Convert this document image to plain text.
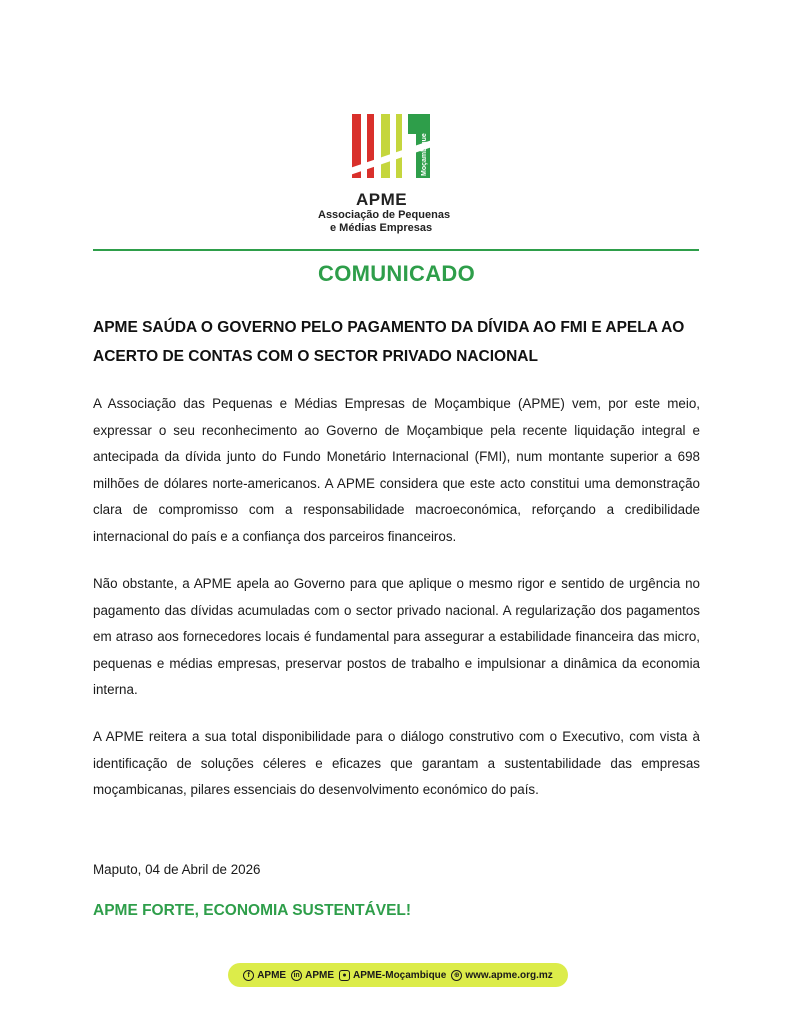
Moçambique
APME
Associação de Pequenas
e Médias Empresas
COMUNICADO
APME SAÚDA O GOVERNO PELO PAGAMENTO DA DÍVIDA AO FMI E APELA AO ACERTO DE CONTAS COM O SECTOR PRIVADO NACIONAL
A Associação das Pequenas e Médias Empresas de Moçambique (APME) vem, por este meio, expressar o seu reconhecimento ao Governo de Moçambique pela recente liquidação integral e antecipada da dívida junto do Fundo Monetário Internacional (FMI), num montante superior a 698 milhões de dólares norte-americanos. A APME considera que este acto constitui uma demonstração clara de compromisso com a responsabilidade macroeconómica, reforçando a credibilidade internacional do país e a confiança dos parceiros financeiros.
Não obstante, a APME apela ao Governo para que aplique o mesmo rigor e sentido de urgência no pagamento das dívidas acumuladas com o sector privado nacional. A regularização dos pagamentos em atraso aos fornecedores locais é fundamental para assegurar a estabilidade financeira das micro, pequenas e médias empresas, preservar postos de trabalho e impulsionar a dinâmica da economia interna.
A APME reitera a sua total disponibilidade para o diálogo construtivo com o Executivo, com vista à identificação de soluções céleres e eficazes que garantam a sustentabilidade das empresas moçambicanas, pilares essenciais do desenvolvimento económico do país.
Maputo, 04 de Abril de 2026
APME FORTE, ECONOMIA SUSTENTÁVEL!
f APME	in APME	● APME-Moçambique	⊕ www.apme.org.mz
